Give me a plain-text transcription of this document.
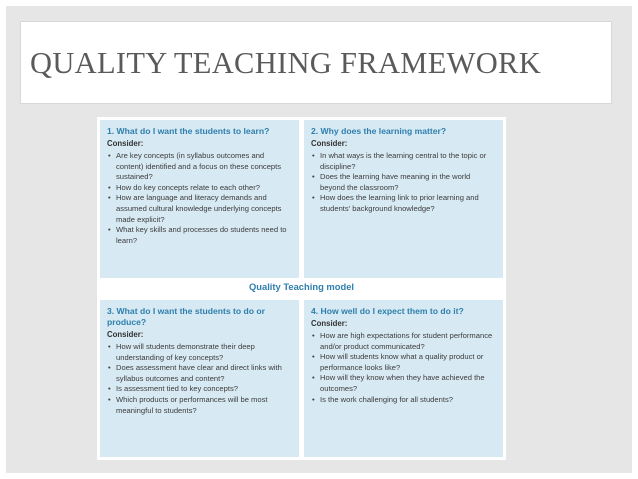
QUALITY TEACHING FRAMEWORK
1. What do I want the students to learn?
Consider:
• Are key concepts (in syllabus outcomes and content) identified and a focus on these concepts sustained?
• How do key concepts relate to each other?
• How are language and literacy demands and assumed cultural knowledge underlying concepts made explicit?
• What key skills and processes do students need to learn?
2. Why does the learning matter?
Consider:
• In what ways is the learning central to the topic or discipline?
• Does the learning have meaning in the world beyond the classroom?
• How does the learning link to prior learning and students' background knowledge?
Quality Teaching model
3. What do I want the students to do or produce?
Consider:
• How will students demonstrate their deep understanding of key concepts?
• Does assessment have clear and direct links with syllabus outcomes and content?
• Is assessment tied to key concepts?
• Which products or performances will be most meaningful to students?
4. How well do I expect them to do it?
Consider:
• How are high expectations for student performance and/or product communicated?
• How will students know what a quality product or performance looks like?
• How will they know when they have achieved the outcomes?
• Is the work challenging for all students?
